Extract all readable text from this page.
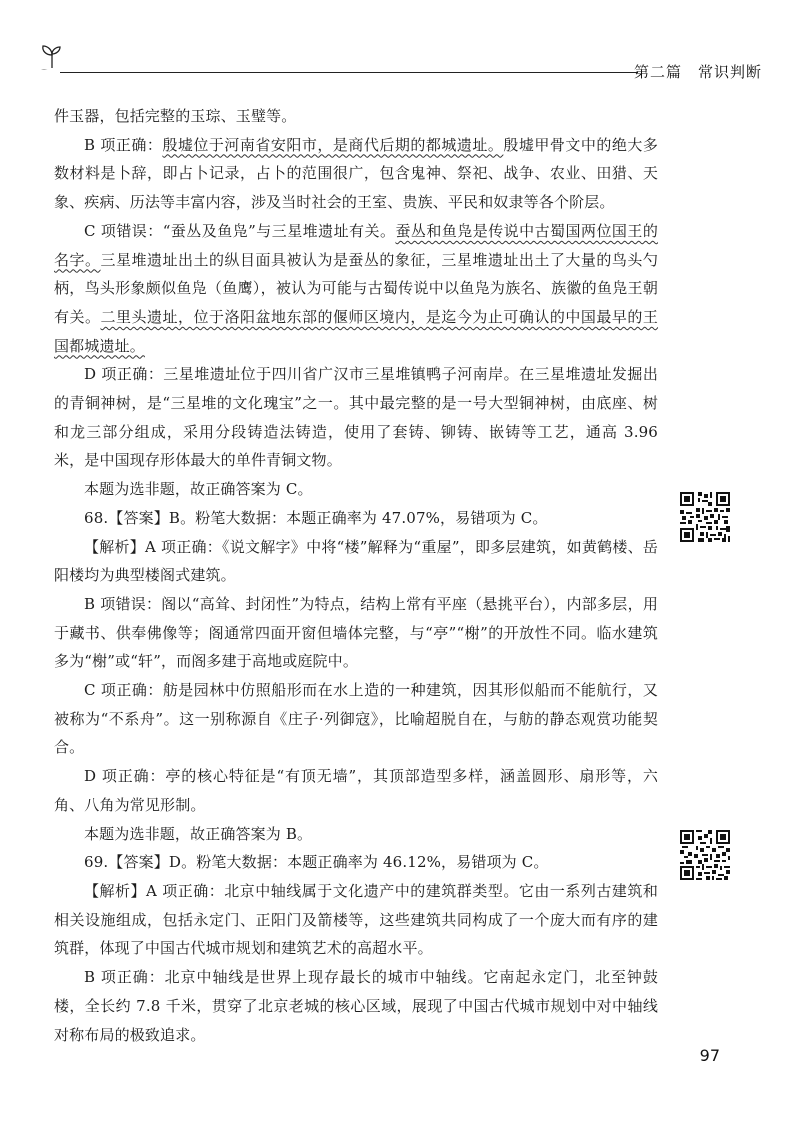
第二篇　常识判断

件玉器，包括完整的玉琮、玉璧等。

B 项正确：殷墟位于河南省安阳市，是商代后期的都城遗址。殷墟甲骨文中的绝大多数材料是卜辞，即占卜记录，占卜的范围很广，包含鬼神、祭祀、战争、农业、田猎、天象、疾病、历法等丰富内容，涉及当时社会的王室、贵族、平民和奴隶等各个阶层。

C 项错误：“蚕丛及鱼凫”与三星堆遗址有关。蚕丛和鱼凫是传说中古蜀国两位国王的名字。三星堆遗址出土的纵目面具被认为是蚕丛的象征，三星堆遗址出土了大量的鸟头勺柄，鸟头形象颇似鱼凫（鱼鹰），被认为可能与古蜀传说中以鱼凫为族名、族徽的鱼凫王朝有关。二里头遗址，位于洛阳盆地东部的偃师区境内，是迄今为止可确认的中国最早的王国都城遗址。

D 项正确：三星堆遗址位于四川省广汉市三星堆镇鸭子河南岸。在三星堆遗址发掘出的青铜神树，是“三星堆的文化瑰宝”之一。其中最完整的是一号大型铜神树，由底座、树和龙三部分组成，采用分段铸造法铸造，使用了套铸、铆铸、嵌铸等工艺，通高 3.96 米，是中国现存形体最大的单件青铜文物。

本题为选非题，故正确答案为 C。

68.【答案】B。粉笔大数据：本题正确率为 47.07%，易错项为 C。

【解析】A 项正确：《说文解字》中将“楼”解释为“重屋”，即多层建筑，如黄鹤楼、岳阳楼均为典型楼阁式建筑。

B 项错误：阁以“高耸、封闭性”为特点，结构上常有平座（悬挑平台），内部多层，用于藏书、供奉佛像等；阁通常四面开窗但墙体完整，与“亭”“榭”的开放性不同。临水建筑多为“榭”或“轩”，而阁多建于高地或庭院中。

C 项正确：舫是园林中仿照船形而在水上造的一种建筑，因其形似船而不能航行，又被称为“不系舟”。这一别称源自《庄子·列御寇》，比喻超脱自在，与舫的静态观赏功能契合。

D 项正确：亭的核心特征是“有顶无墙”，其顶部造型多样，涵盖圆形、扇形等，六角、八角为常见形制。

本题为选非题，故正确答案为 B。

69.【答案】D。粉笔大数据：本题正确率为 46.12%，易错项为 C。

【解析】A 项正确：北京中轴线属于文化遗产中的建筑群类型。它由一系列古建筑和相关设施组成，包括永定门、正阳门及箭楼等，这些建筑共同构成了一个庞大而有序的建筑群，体现了中国古代城市规划和建筑艺术的高超水平。

B 项正确：北京中轴线是世界上现存最长的城市中轴线。它南起永定门，北至钟鼓楼，全长约 7.8 千米，贯穿了北京老城的核心区域，展现了中国古代城市规划中对中轴线对称布局的极致追求。

97
